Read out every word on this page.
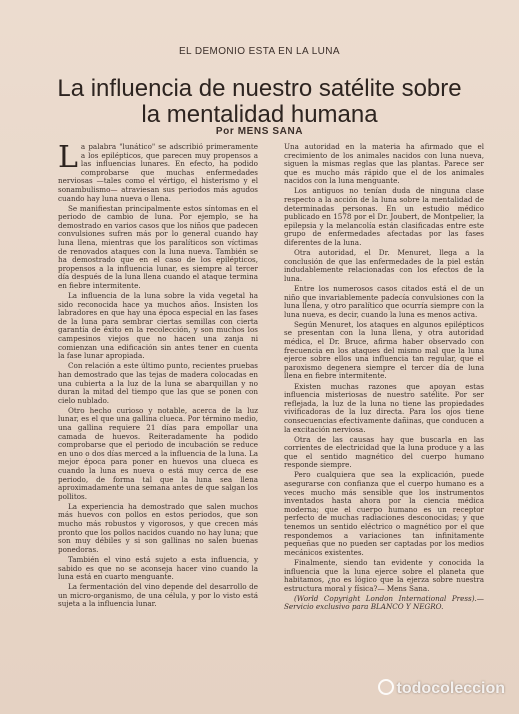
EL DEMONIO ESTA EN LA LUNA
La influencia de nuestro satélite sobre
la mentalidad humana
Por MENS SANA

La palabra "lunático" se adscribió primeramente a los epilépticos, que parecen muy propensos a las influencias lunares. En efecto, ha podido comprobarse que muchas enfermedades nerviosas —tales como el vértigo, el histerismo y el sonambulismo— atraviesan sus periodos más agudos cuando hay luna nueva o llena.

Se manifiestan principalmente estos síntomas en el periodo de cambio de luna. Por ejemplo, se ha demostrado en varios casos que los niños que padecen convulsiones sufren más por lo general cuando hay luna llena, mientras que los paralíticos son víctimas de renovados ataques con la luna nueva. También se ha demostrado que en el caso de los epilépticos, propensos a la influencia lunar, es siempre al tercer día después de la luna llena cuando el ataque termina en fiebre intermitente.

La influencia de la luna sobre la vida vegetal ha sido reconocida hace ya muchos años. Insisten los labradores en que hay una época especial en las fases de la luna para sembrar ciertas semillas con cierta garantía de éxito en la recolección, y son muchos los campesinos viejos que no hacen una zanja ni comienzan una edificación sin antes tener en cuenta la fase lunar apropiada.

Con relación a este último punto, recientes pruebas han demostrado que las tejas de madera colocadas en una cubierta a la luz de la luna se abarquillan y no duran la mitad del tiempo que las que se ponen con cielo nublado.

Otro hecho curioso y notable, acerca de la luz lunar, es el que una gallina clueca. Por término medio, una gallina requiere 21 días para empollar una camada de huevos. Reiteradamente ha podido comprobarse que el periodo de incubación se reduce en uno o dos días merced a la influencia de la luna. La mejor época para poner en huevos una clueca es cuando la luna es nueva o está muy cerca de ese periodo, de forma tal que la luna sea llena aproximadamente una semana antes de que salgan los pollitos.

La experiencia ha demostrado que salen muchos más huevos con pollos en estos periodos, que son mucho más robustos y vigorosos, y que crecen más pronto que los pollos nacidos cuando no hay luna; que son muy débiles y si son gallinas no salen buenas ponedoras.

También el vino está sujeto a esta influencia, y sabido es que no se aconseja hacer vino cuando la luna está en cuarto menguante.

La fermentación del vino depende del desarrollo de un micro-organismo, de una célula, y por lo visto está sujeta a la influencia lunar.

Una autoridad en la materia ha afirmado que el crecimiento de los animales nacidos con luna nueva, siguen la mismas reglas que las plantas. Parece ser que es mucho más rápido que el de los animales nacidos con la luna menguante.

Los antiguos no tenían duda de ninguna clase respecto a la acción de la luna sobre la mentalidad de determinadas personas. En un estudio médico publicado en 1578 por el Dr. Joubert, de Montpelier, la epilepsia y la melancolía están clasificadas entre este grupo de enfermedades afectadas por las fases diferentes de la luna.

Otra autoridad, el Dr. Menuret, llega a la conclusión de que las enfermedades de la piel están indudablemente relacionadas con los efectos de la luna.

Entre los numerosos casos citados está el de un niño que invariablemente padecía convulsiones con la luna llena, y otro paralítico que ocurría siempre con la luna nueva, es decir, cuando la luna es menos activa.

Según Menuret, los ataques en algunos epilépticos se presentan con la luna llena, y otra autoridad médica, el Dr. Bruce, afirma haber observado con frecuencia en los ataques del mismo mal que la luna ejerce sobre ellos una influencia tan regular, que el paroxismo degenera siempre el tercer día de luna llena en fiebre intermitente.

Existen muchas razones que apoyan estas influencia misteriosas de nuestro satélite. Por ser reflejada, la luz de la luna no tiene las propiedades vivificadoras de la luz directa. Para los ojos tiene consecuencias efectivamente dañinas, que conducen a la excitación nerviosa.

Otra de las causas hay que buscarla en las corrientes de electricidad que la luna produce y a las que el sentido magnético del cuerpo humano responde siempre.

Pero cualquiera que sea la explicación, puede asegurarse con confianza que el cuerpo humano es a veces mucho más sensible que los instrumentos inventados hasta ahora por la ciencia médica moderna; que el cuerpo humano es un receptor perfecto de muchas radiaciones desconocidas; y que tenemos un sentido eléctrico o magnético por el que respondemos a variaciones tan infinitamente pequeñas que no pueden ser captadas por los medios mecánicos existentes.

Finalmente, siendo tan evidente y conocida la influencia que la luna ejerce sobre el planeta que habitamos, ¿no es lógico que la ejerza sobre nuestra estructura moral y física?— Mens Sana.

(World Copyright London International Press).— Servicio exclusivo para BLANCO Y NEGRO.

todocoleccion
